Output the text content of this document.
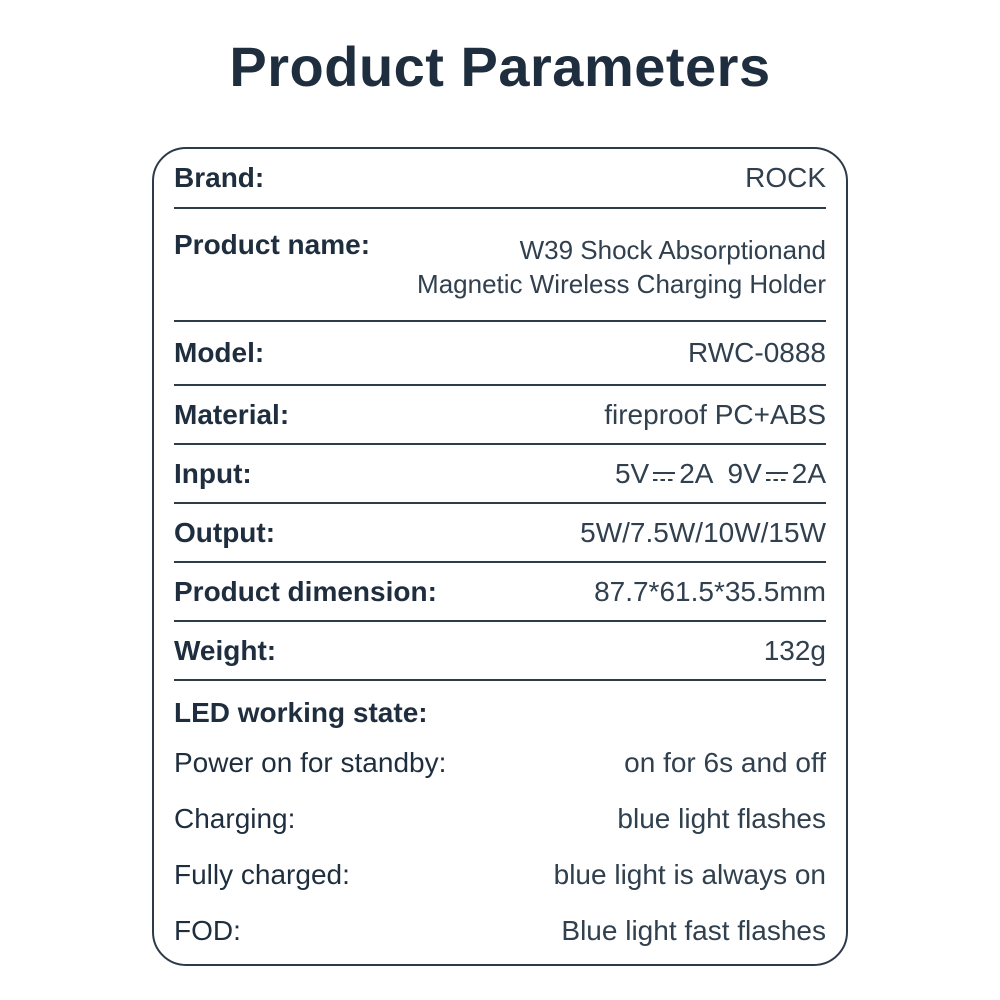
Product Parameters
Brand:	ROCK
Product name:	W39 Shock Absorptionand
Magnetic Wireless Charging Holder
Model:	RWC-0888
Material:	fireproof PC+ABS
Input:	5V 2A  9V 2A
Output:	5W/7.5W/10W/15W
Product dimension:	87.7*61.5*35.5mm
Weight:	132g
LED working state:
Power on for standby:	on for 6s and off
Charging:	blue light flashes
Fully charged:	blue light is always on
FOD:	Blue light fast flashes
